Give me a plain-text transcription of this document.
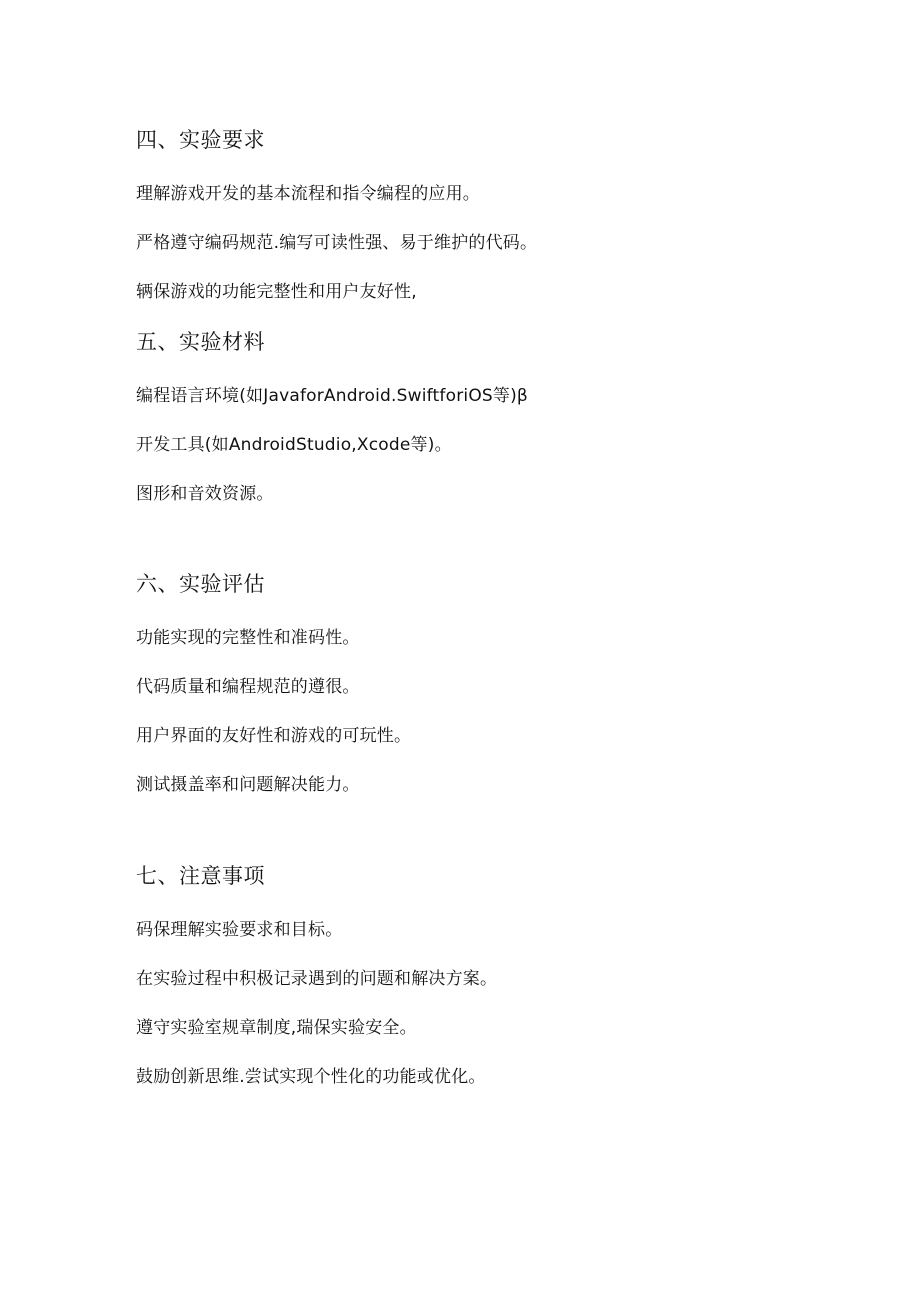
四、实验要求

理解游戏开发的基本流程和指令编程的应用。

严格遵守编码规范.编写可读性强、易于维护的代码。

辆保游戏的功能完整性和用户友好性,

五、实验材料

编程语言环境(如JavaforAndroid.SwiftforiOS等)β

开发工具(如AndroidStudio,Xcode等)。

图形和音效资源。

六、实验评估

功能实现的完整性和准码性。

代码质量和编程规范的遵很。

用户界面的友好性和游戏的可玩性。

测试摄盖率和问题解决能力。

七、注意事项

码保理解实验要求和目标。

在实验过程中积极记录遇到的问题和解决方案。

遵守实验室规章制度,瑞保实验安全。

鼓励创新思维.尝试实现个性化的功能或优化。
